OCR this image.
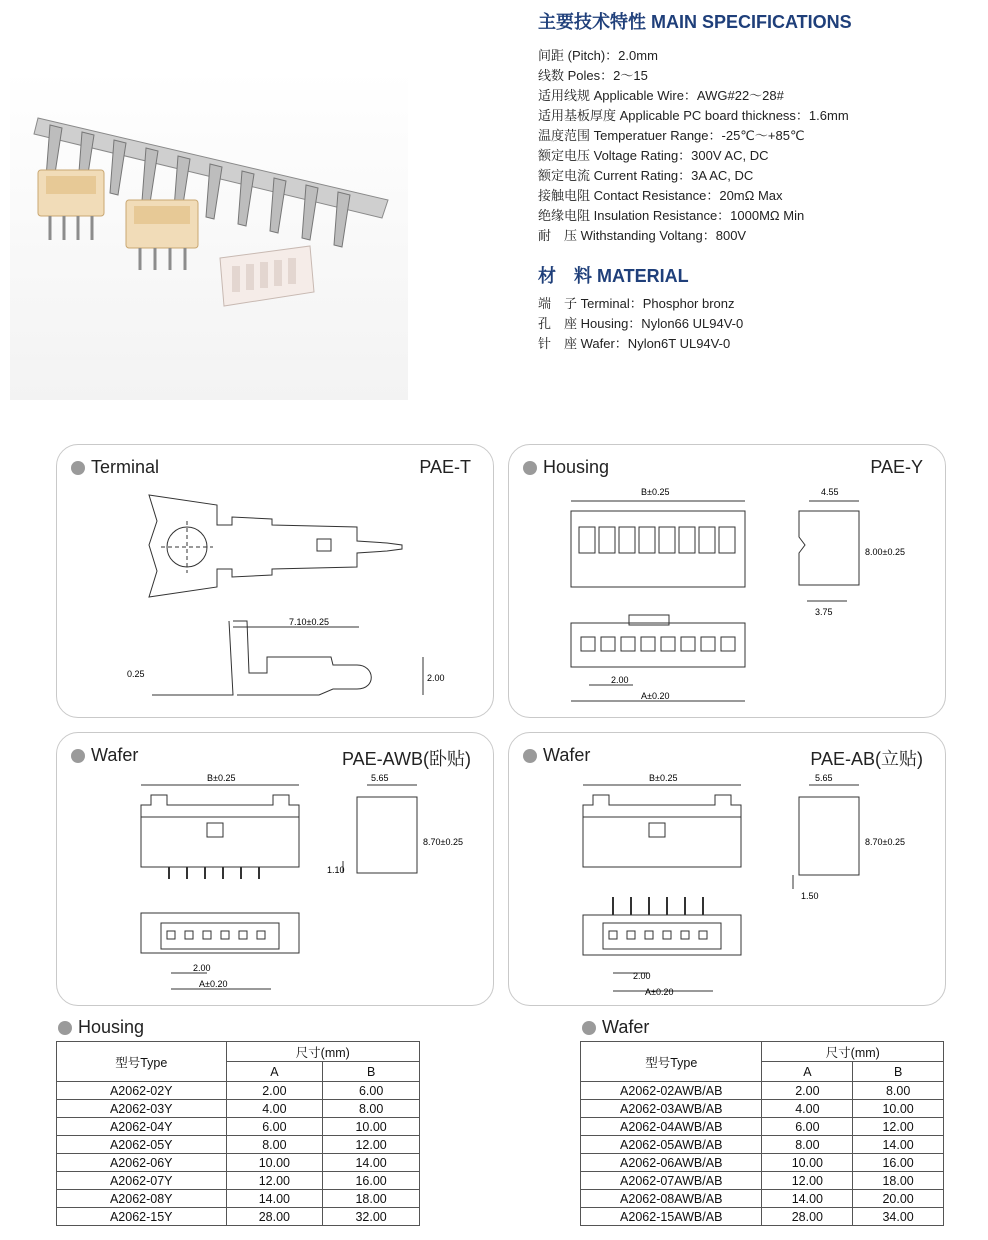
主要技术特性 MAIN SPECIFICATIONS
间距 (Pitch)：2.0mm
线数 Poles：2～15
适用线规 Applicable Wire：AWG#22～28#
适用基板厚度 Applicable PC board thickness：1.6mm
温度范围 Temperatuer Range：-25℃～+85℃
额定电压 Voltage Rating：300V AC, DC
额定电流 Current Rating：3A AC, DC
接触电阻 Contact Resistance：20mΩ Max
绝缘电阻 Insulation Resistance：1000MΩ Min
耐　压 Withstanding Voltang：800V
材　料 MATERIAL
端　子 Terminal：Phosphor bronz
孔　座 Housing：Nylon66 UL94V-0
针　座 Wafer：Nylon6T UL94V-0
Terminal	PAE-T
7.10±0.25
2.00
0.25
Housing	PAE-Y
B±0.25	4.55
8.00±0.25
3.75
2.00
A±0.20
Wafer	PAE-AWB(卧贴)
B±0.25	5.65
8.70±0.25
1.10
2.00
A±0.20
Wafer	PAE-AB(立贴)
B±0.25	5.65
8.70±0.25
1.50
2.00
A±0.20
Housing
型号Type	尺寸(mm)	
	A	B
A2062-02Y	2.00	6.00
A2062-03Y	4.00	8.00
A2062-04Y	6.00	10.00
A2062-05Y	8.00	12.00
A2062-06Y	10.00	14.00
A2062-07Y	12.00	16.00
A2062-08Y	14.00	18.00
A2062-15Y	28.00	32.00
Wafer
型号Type	尺寸(mm)	
	A	B
A2062-02AWB/AB	2.00	8.00
A2062-03AWB/AB	4.00	10.00
A2062-04AWB/AB	6.00	12.00
A2062-05AWB/AB	8.00	14.00
A2062-06AWB/AB	10.00	16.00
A2062-07AWB/AB	12.00	18.00
A2062-08AWB/AB	14.00	20.00
A2062-15AWB/AB	28.00	34.00
